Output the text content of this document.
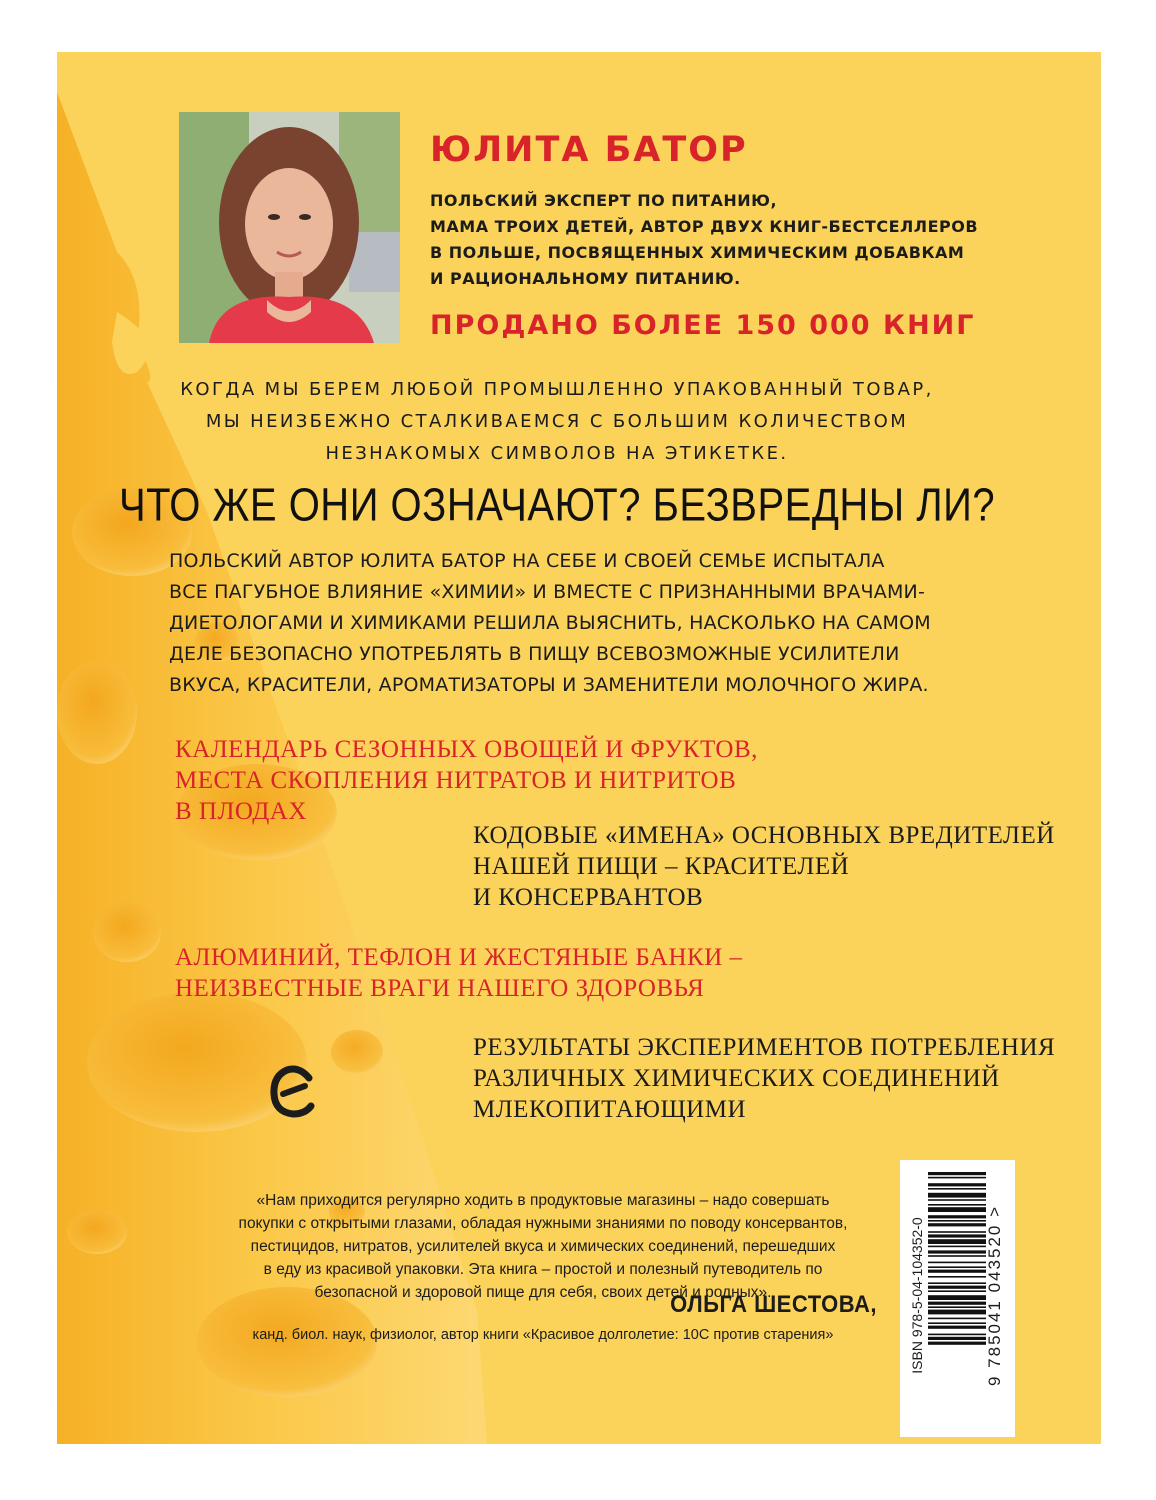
ЮЛИТА БАТОР
ПОЛЬСКИЙ ЭКСПЕРТ ПО ПИТАНИЮ,
МАМА ТРОИХ ДЕТЕЙ, АВТОР ДВУХ КНИГ-БЕСТСЕЛЛЕРОВ
В ПОЛЬШЕ, ПОСВЯЩЕННЫХ ХИМИЧЕСКИМ ДОБАВКАМ
И РАЦИОНАЛЬНОМУ ПИТАНИЮ.
ПРОДАНО БОЛЕЕ 150 000 КНИГ
КОГДА МЫ БЕРЕМ ЛЮБОЙ ПРОМЫШЛЕННО УПАКОВАННЫЙ ТОВАР,
МЫ НЕИЗБЕЖНО СТАЛКИВАЕМСЯ С БОЛЬШИМ КОЛИЧЕСТВОМ
НЕЗНАКОМЫХ СИМВОЛОВ НА ЭТИКЕТКЕ.
ЧТО ЖЕ ОНИ ОЗНАЧАЮТ? БЕЗВРЕДНЫ ЛИ?
ПОЛЬСКИЙ АВТОР ЮЛИТА БАТОР НА СЕБЕ И СВОЕЙ СЕМЬЕ ИСПЫТАЛА
ВСЕ ПАГУБНОЕ ВЛИЯНИЕ «ХИМИИ» И ВМЕСТЕ С ПРИЗНАННЫМИ ВРАЧАМИ-
ДИЕТОЛОГАМИ И ХИМИКАМИ РЕШИЛА ВЫЯСНИТЬ, НАСКОЛЬКО НА САМОМ
ДЕЛЕ БЕЗОПАСНО УПОТРЕБЛЯТЬ В ПИЩУ ВСЕВОЗМОЖНЫЕ УСИЛИТЕЛИ
ВКУСА, КРАСИТЕЛИ, АРОМАТИЗАТОРЫ И ЗАМЕНИТЕЛИ МОЛОЧНОГО ЖИРА.
КАЛЕНДАРЬ СЕЗОННЫХ ОВОЩЕЙ И ФРУКТОВ,
МЕСТА СКОПЛЕНИЯ НИТРАТОВ И НИТРИТОВ
В ПЛОДАХ
КОДОВЫЕ «ИМЕНА» ОСНОВНЫХ ВРЕДИТЕЛЕЙ
НАШЕЙ ПИЩИ – КРАСИТЕЛЕЙ
И КОНСЕРВАНТОВ
АЛЮМИНИЙ, ТЕФЛОН И ЖЕСТЯНЫЕ БАНКИ –
НЕИЗВЕСТНЫЕ ВРАГИ НАШЕГО ЗДОРОВЬЯ
РЕЗУЛЬТАТЫ ЭКСПЕРИМЕНТОВ ПОТРЕБЛЕНИЯ
РАЗЛИЧНЫХ ХИМИЧЕСКИХ СОЕДИНЕНИЙ
МЛЕКОПИТАЮЩИМИ
«Нам приходится регулярно ходить в продуктовые магазины – надо совершать
покупки с открытыми глазами, обладая нужными знаниями по поводу консервантов,
пестицидов, нитратов, усилителей вкуса и химических соединений, перешедших
в еду из красивой упаковки. Эта книга – простой и полезный путеводитель по
безопасной и здоровой пище для себя, своих детей и родных».
ОЛЬГА ШЕСТОВА,
канд. биол. наук, физиолог, автор книги «Красивое долголетие: 10С против старения»	ISBN 978-5-04-104352-0	9 785041 043520 >
